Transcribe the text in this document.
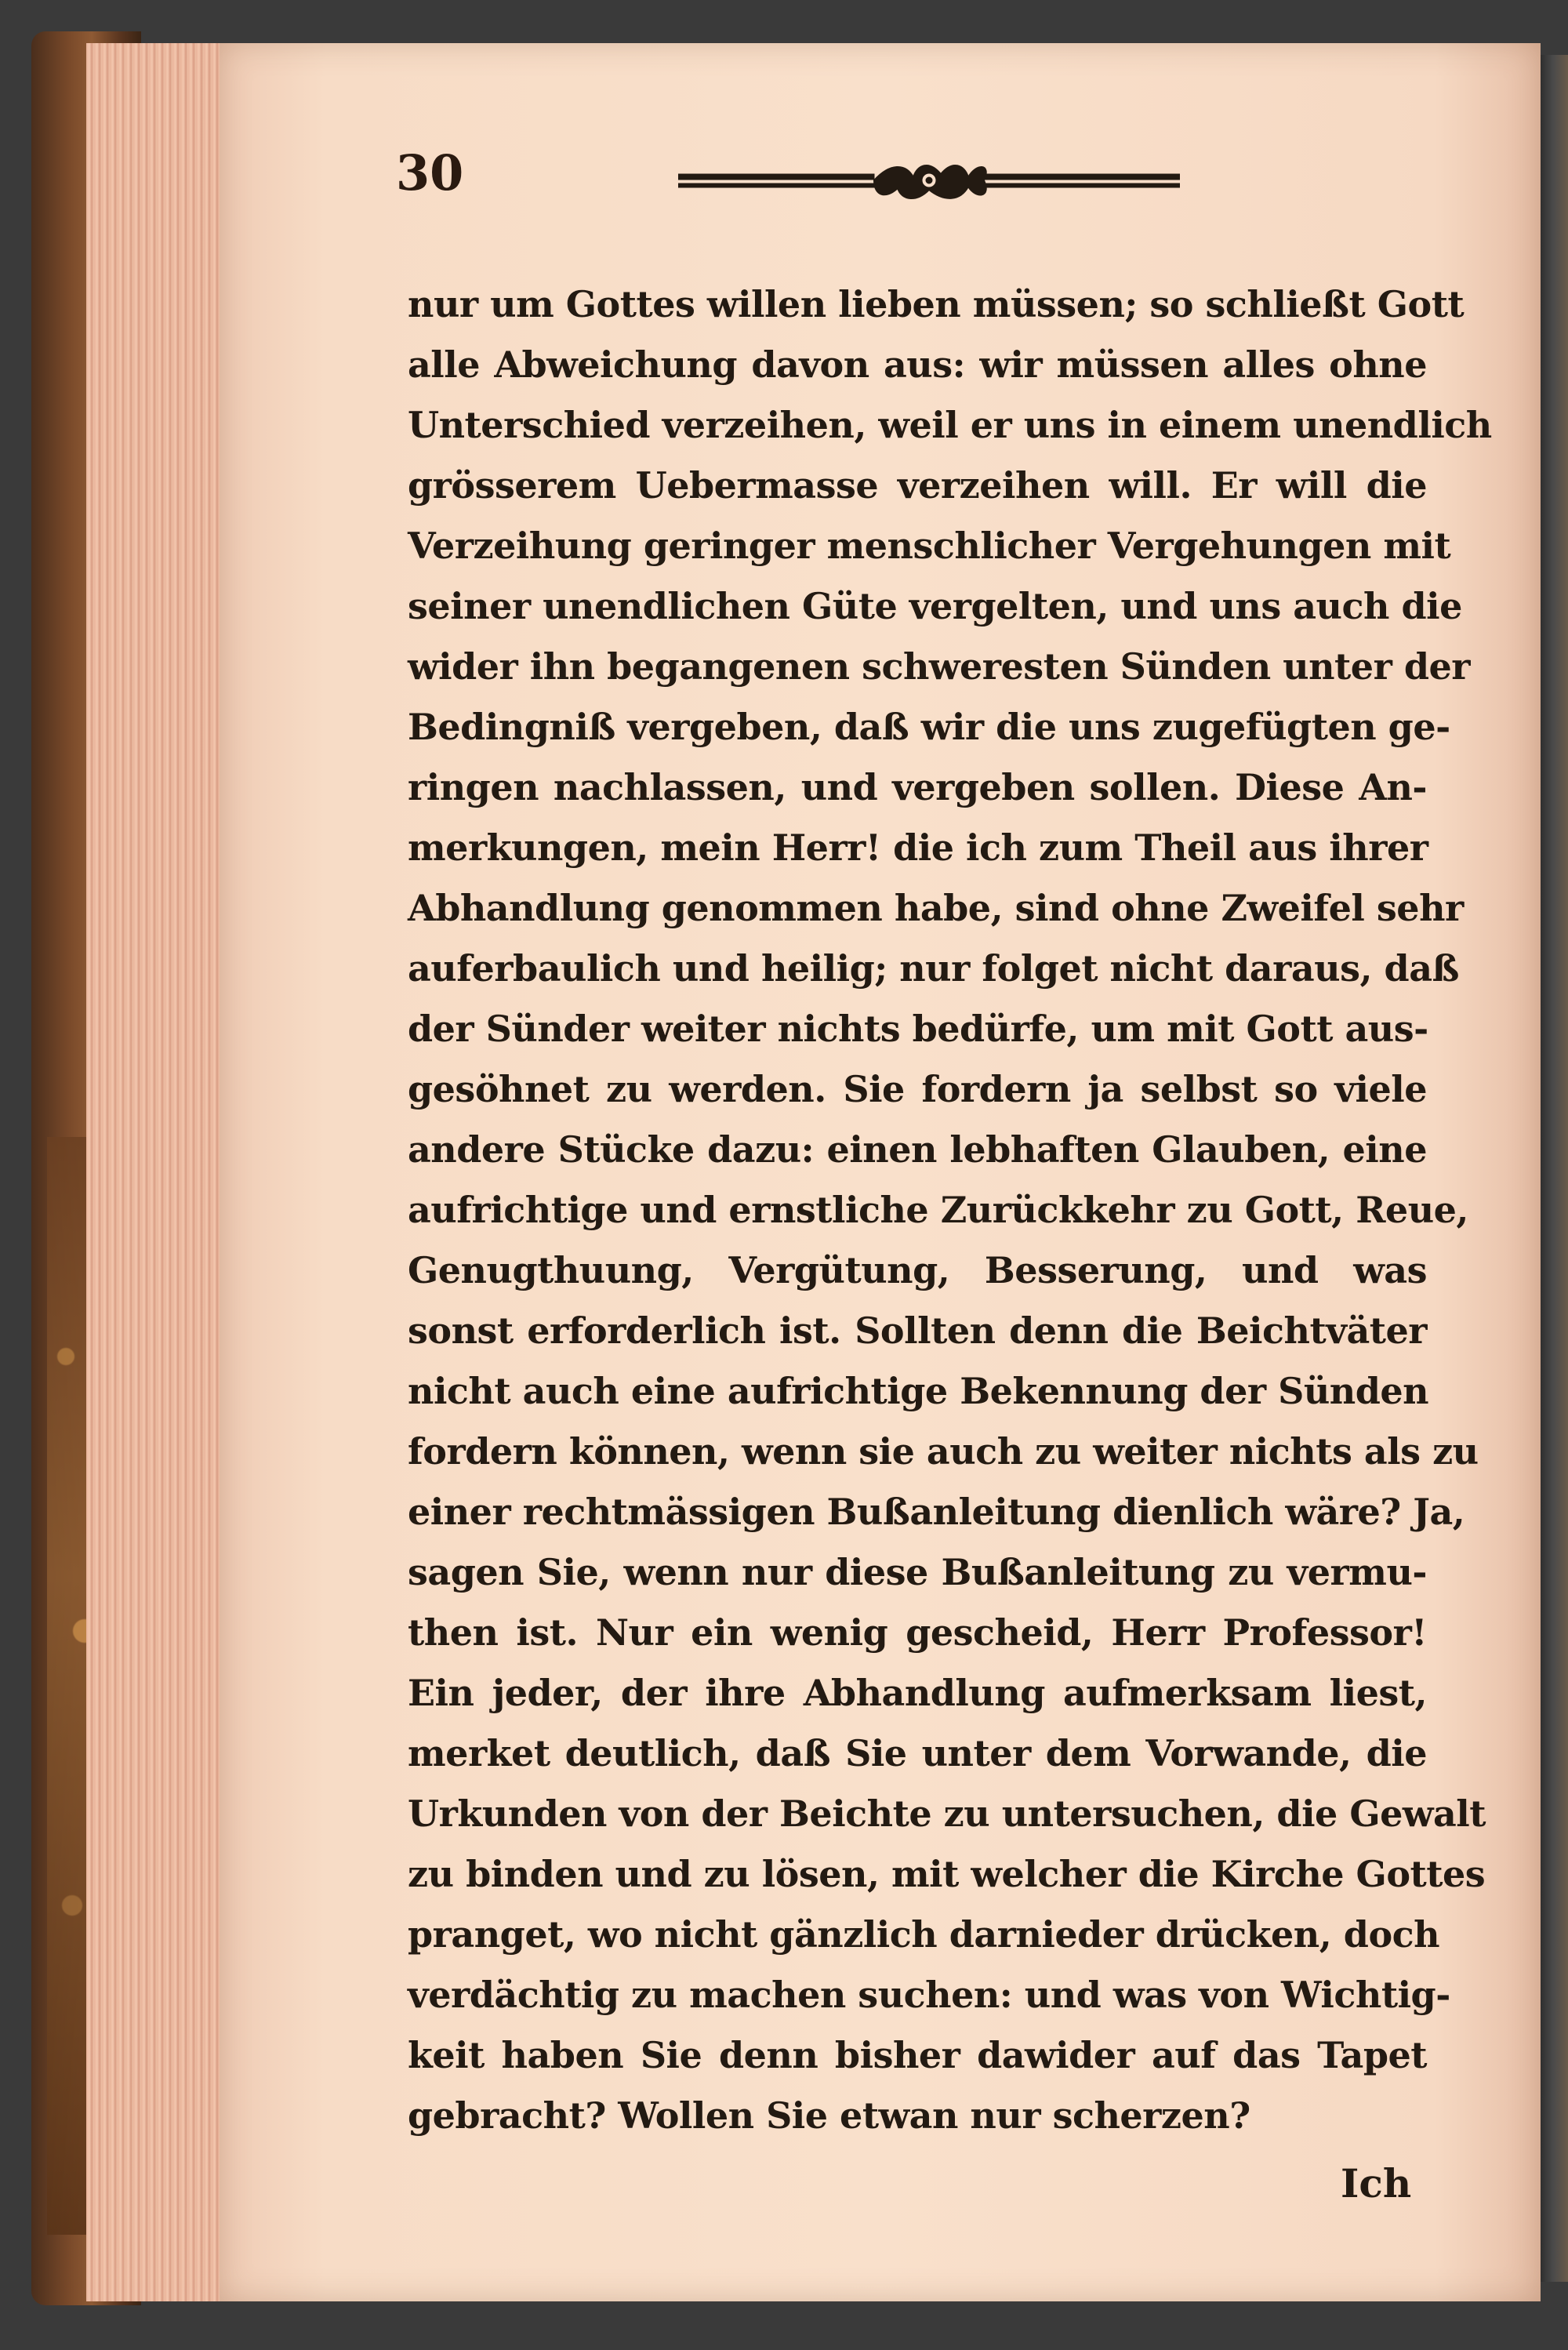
30
nur um Gottes willen lieben müssen; so schließt Gott
alle Abweichung davon aus: wir müssen alles ohne
Unterschied verzeihen, weil er uns in einem unendlich
grösserem Uebermasse verzeihen will. Er will die
Verzeihung geringer menschlicher Vergehungen mit
seiner unendlichen Güte vergelten, und uns auch die
wider ihn begangenen schweresten Sünden unter der
Bedingniß vergeben, daß wir die uns zugefügten ge-
ringen nachlassen, und vergeben sollen. Diese An-
merkungen, mein Herr! die ich zum Theil aus ihrer
Abhandlung genommen habe, sind ohne Zweifel sehr
auferbaulich und heilig; nur folget nicht daraus, daß
der Sünder weiter nichts bedürfe, um mit Gott aus-
gesöhnet zu werden. Sie fordern ja selbst so viele
andere Stücke dazu: einen lebhaften Glauben, eine
aufrichtige und ernstliche Zurückkehr zu Gott, Reue,
Genugthuung, Vergütung, Besserung, und was
sonst erforderlich ist. Sollten denn die Beichtväter
nicht auch eine aufrichtige Bekennung der Sünden
fordern können, wenn sie auch zu weiter nichts als zu
einer rechtmässigen Bußanleitung dienlich wäre? Ja,
sagen Sie, wenn nur diese Bußanleitung zu vermu-
then ist. Nur ein wenig gescheid, Herr Professor!
Ein jeder, der ihre Abhandlung aufmerksam liest,
merket deutlich, daß Sie unter dem Vorwande, die
Urkunden von der Beichte zu untersuchen, die Gewalt
zu binden und zu lösen, mit welcher die Kirche Gottes
pranget, wo nicht gänzlich darnieder drücken, doch
verdächtig zu machen suchen: und was von Wichtig-
keit haben Sie denn bisher dawider auf das Tapet
gebracht? Wollen Sie etwan nur scherzen?
Ich
